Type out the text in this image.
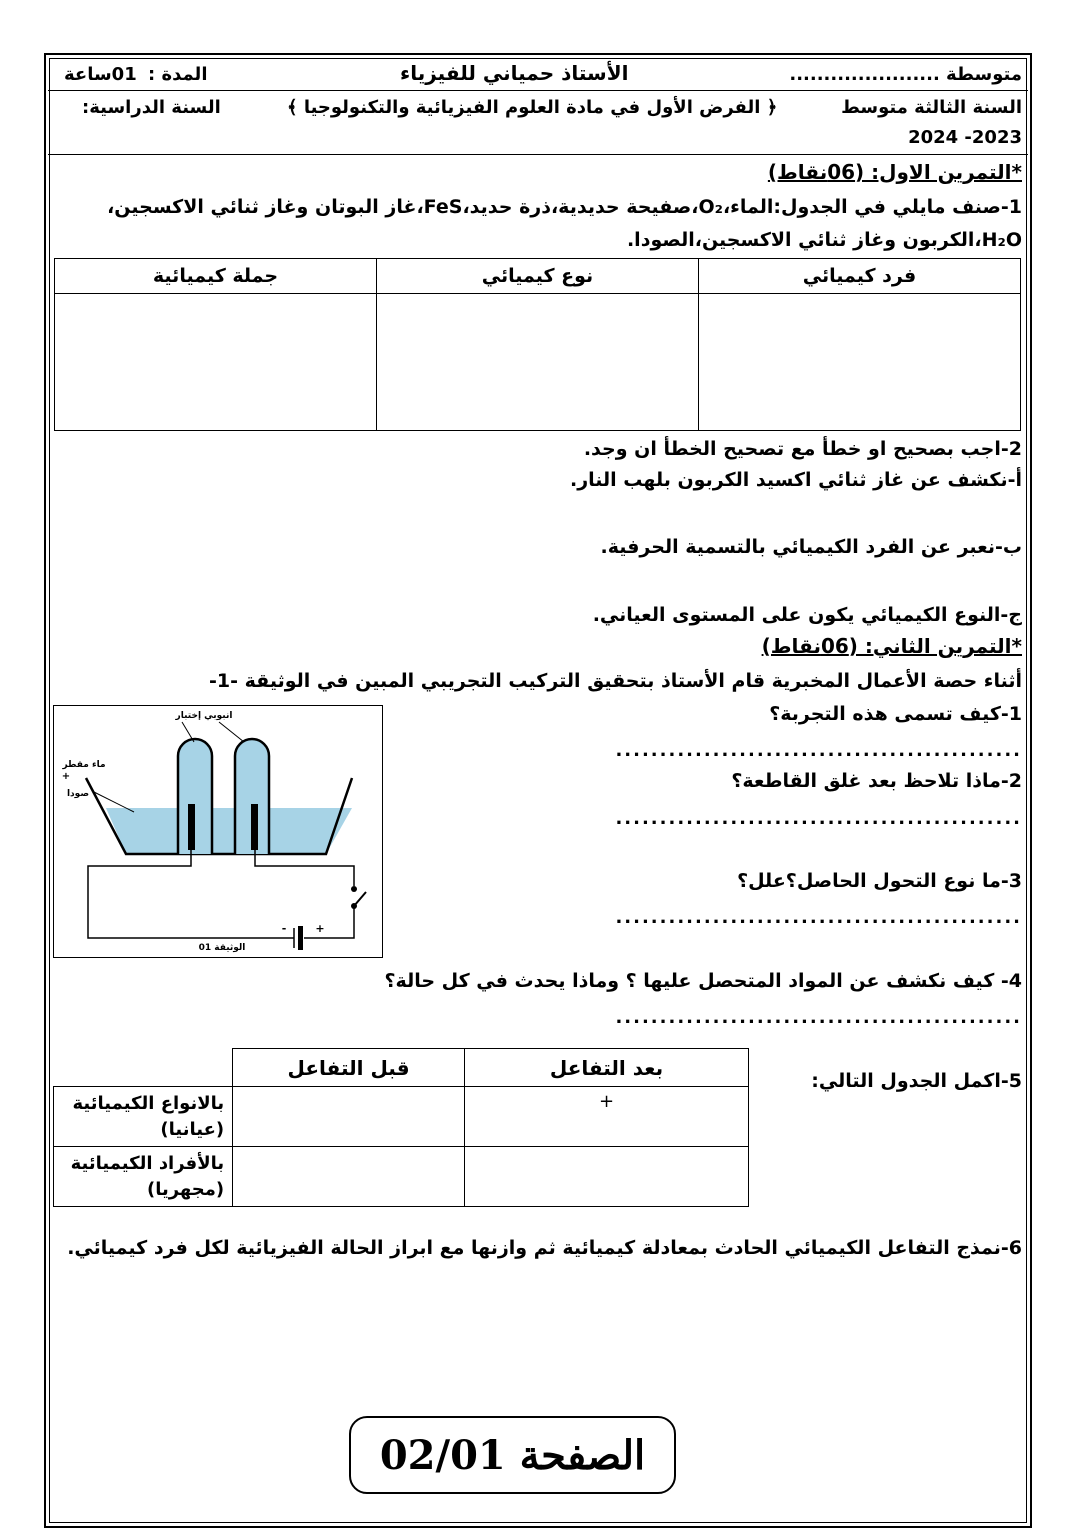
متوسطة ......................
الأستاذ حمياني للفيزياء
المدة :
01ساعة
السنة الثالثة متوسط
﴿ الفرض الأول في مادة العلوم الفيزيائية والتكنولوجيا ﴾
السنة الدراسية:
2024 -2023
*التمرين الاول: (06نقاط)
1-صنف مايلي في الجدول:الماء،O₂،صفيحة حديدية،ذرة حديد،FeS،غاز البوتان وغاز ثنائي الاكسجين،
H₂O،الكربون وغاز ثنائي الاكسجين،الصودا.
جملة كيميائية	نوع كيميائي	فرد كيميائي

2-اجب بصحيح او خطأ مع تصحيح الخطأ ان وجد.
أ-نكشف عن غاز ثنائي اكسيد الكربون بلهب النار.
ب-نعبر عن الفرد الكيميائي بالتسمية الحرفية.
ج-النوع الكيميائي يكون على المستوى العياني.
*التمرين الثاني: (06نقاط)
أثناء حصة الأعمال المخبرية قام الأستاذ بتحقيق التركيب التجريبي المبين في الوثيقة -1-
1-كيف تسمى هذه التجربة؟
..............................................
2-ماذا تلاحظ بعد غلق القاطعة؟
..............................................
3-ما نوع التحول الحاصل؟علل؟
..............................................
انبوبي إختبار
ماء مقطر
+
صودا
-	+
الوثيقة 01
4- كيف نكشف عن المواد المتحصل عليها ؟ وماذا يحدث في كل حالة؟
..............................................
5-اكمل الجدول التالي:
	قبل التفاعل	بعد التفاعل

بالانواع الكيميائية
(عيانيا)		+

بالأفراد الكيميائية
(مجهريا)		

6-نمذج التفاعل الكيميائي الحادث بمعادلة كيميائية ثم وازنها مع ابراز الحالة الفيزيائية لكل فرد كيميائي.
الصفحة 02/01
